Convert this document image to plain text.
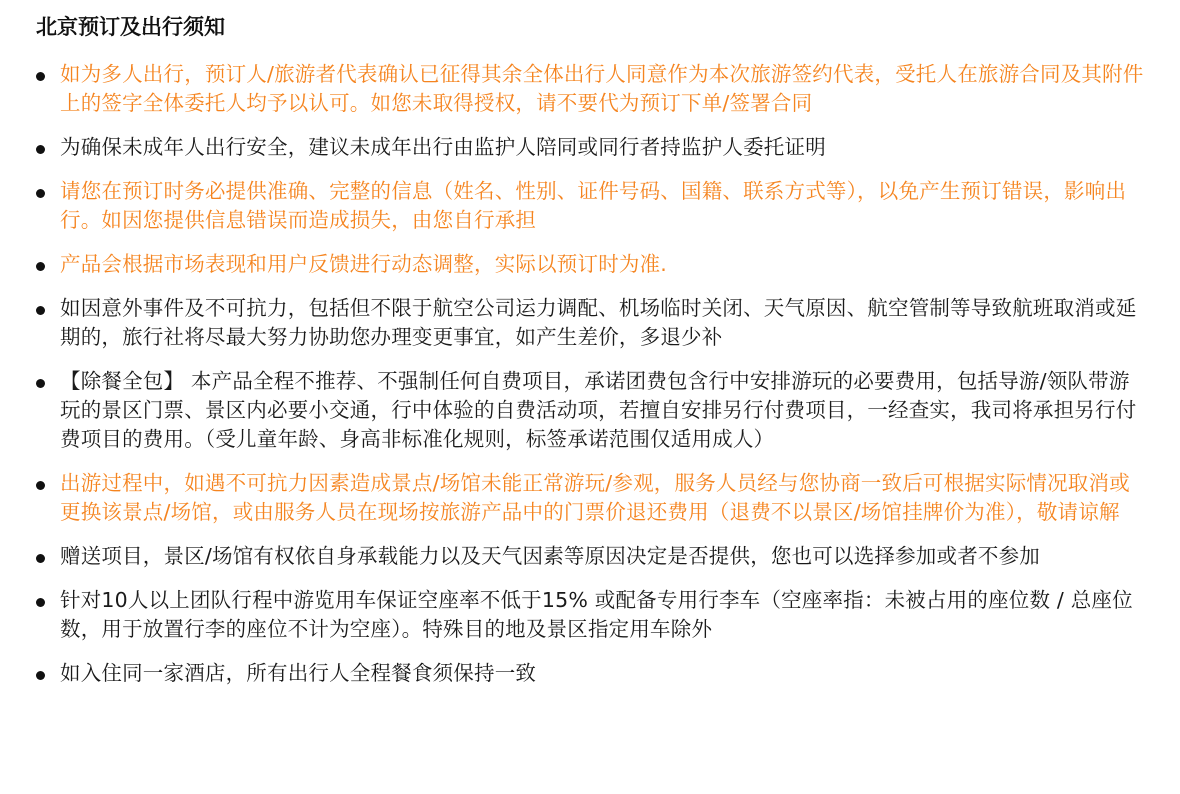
北京预订及出行须知
如为多人出行，预订人/旅游者代表确认已征得其余全体出行人同意作为本次旅游签约代表，受托人在旅游合同及其附件上的签字全体委托人均予以认可。如您未取得授权，请不要代为预订下单/签署合同
为确保未成年人出行安全，建议未成年出行由监护人陪同或同行者持监护人委托证明
请您在预订时务必提供准确、完整的信息（姓名、性别、证件号码、国籍、联系方式等），以免产生预订错误，影响出行。如因您提供信息错误而造成损失，由您自行承担
产品会根据市场表现和用户反馈进行动态调整，实际以预订时为准.
如因意外事件及不可抗力，包括但不限于航空公司运力调配、机场临时关闭、天气原因、航空管制等导致航班取消或延期的，旅行社将尽最大努力协助您办理变更事宜，如产生差价，多退少补
【除餐全包】 本产品全程不推荐、不强制任何自费项目，承诺团费包含行中安排游玩的必要费用，包括导游/领队带游玩的景区门票、景区内必要小交通，行中体验的自费活动项，若擅自安排另行付费项目，一经查实，我司将承担另行付费项目的费用。（受儿童年龄、身高非标准化规则，标签承诺范围仅适用成人）
出游过程中，如遇不可抗力因素造成景点/场馆未能正常游玩/参观，服务人员经与您协商一致后可根据实际情况取消或更换该景点/场馆，或由服务人员在现场按旅游产品中的门票价退还费用（退费不以景区/场馆挂牌价为准），敬请谅解
赠送项目，景区/场馆有权依自身承载能力以及天气因素等原因决定是否提供，您也可以选择参加或者不参加
针对10人以上团队行程中游览用车保证空座率不低于15% 或配备专用行李车（空座率指：未被占用的座位数 / 总座位数，用于放置行李的座位不计为空座）。特殊目的地及景区指定用车除外
如入住同一家酒店，所有出行人全程餐食须保持一致
